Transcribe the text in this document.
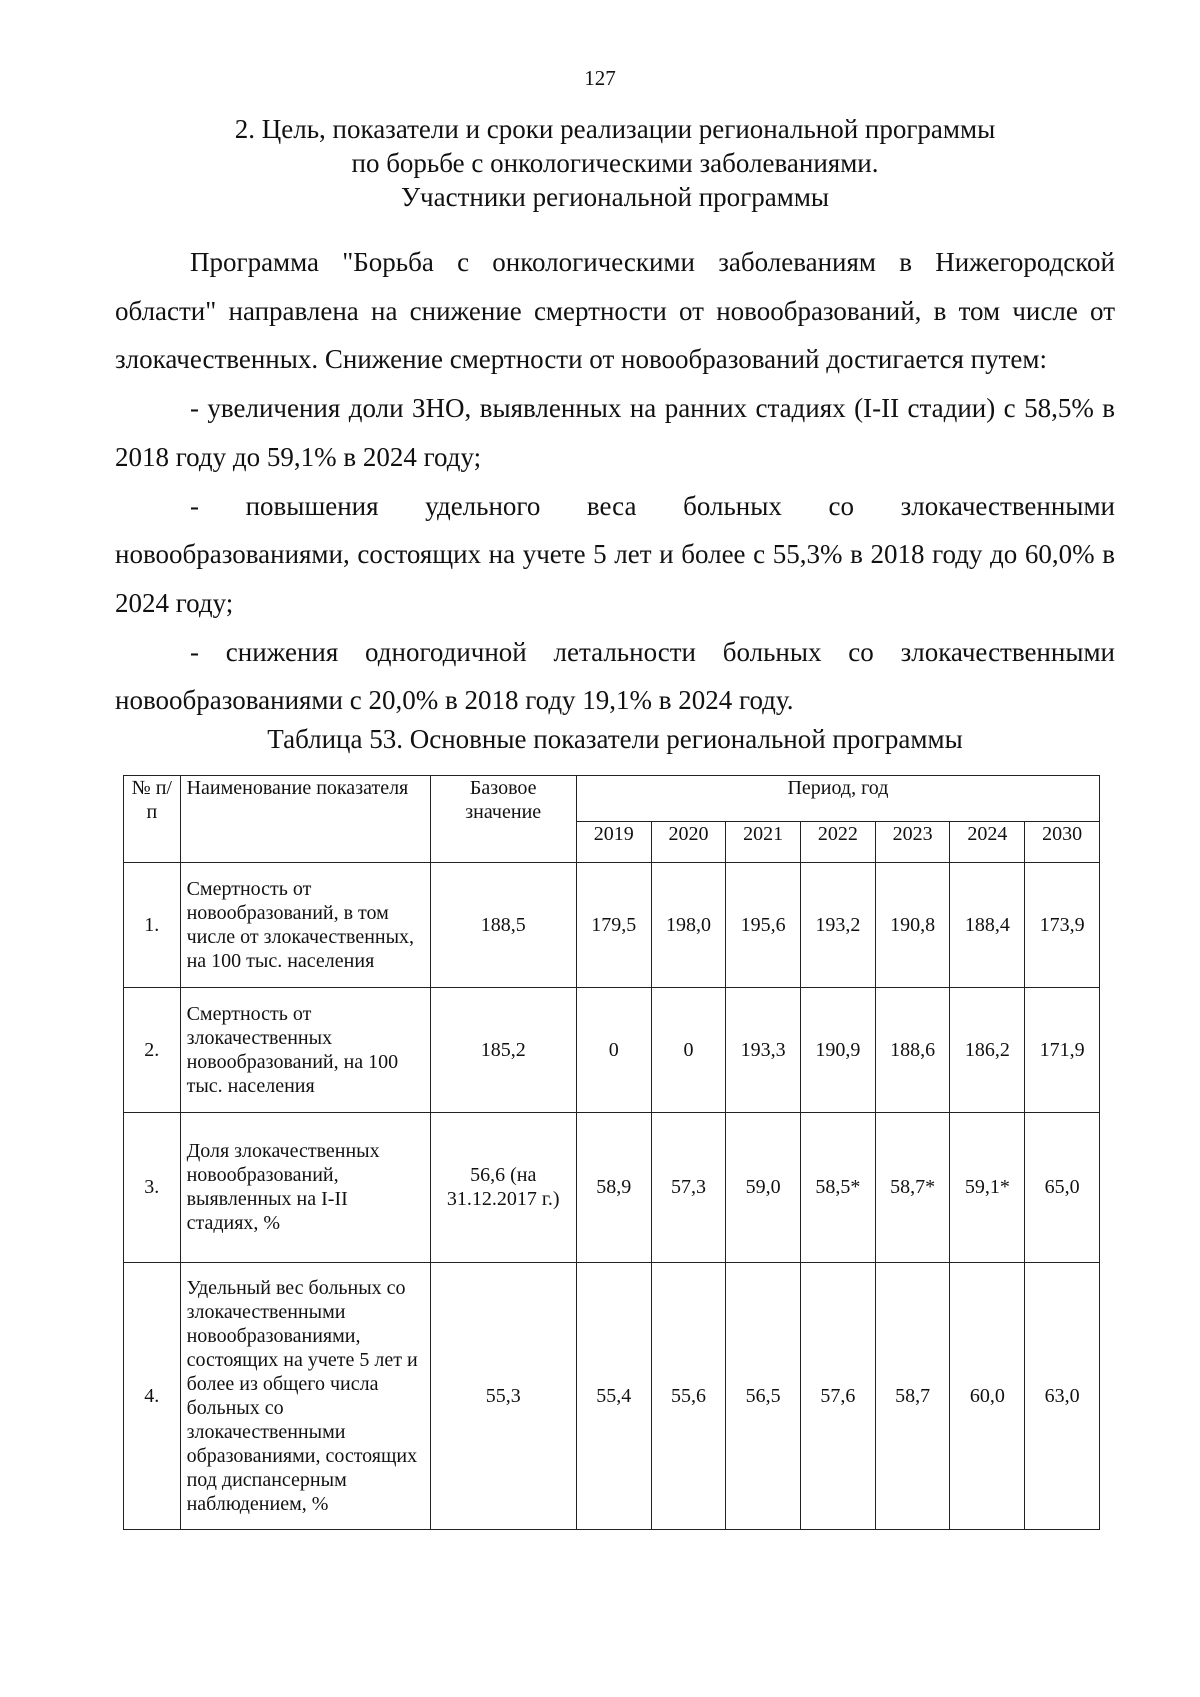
127
2. Цель, показатели и сроки реализации региональной программы
по борьбе с онкологическими заболеваниями.
Участники региональной программы

Программа "Борьба с онкологическими заболеваниям в Нижегородской области" направлена на снижение смертности от новообразований, в том числе от злокачественных. Снижение смертности от новообразований достигается путем:

- увеличения доли ЗНО, выявленных на ранних стадиях (I-II стадии) с 58,5% в 2018 году до 59,1% в 2024 году;

- повышения удельного веса больных со злокачественными новообразованиями, состоящих на учете 5 лет и более с 55,3% в 2018 году до 60,0% в 2024 году;

- снижения одногодичной летальности больных со злокачественными новообразованиями с 20,0% в 2018 году 19,1% в 2024 году.

Таблица 53. Основные показатели региональной программы
№ п/п	Наименование показателя	Базовое значение	Период, год						
			2019	2020	2021	2022	2023	2024	2030
1.	Смертность от новообразований, в том числе от злокачественных, на 100 тыс. населения	188,5	179,5	198,0	195,6	193,2	190,8	188,4	173,9
2.	Смертность от злокачественных новообразований, на 100 тыс. населения	185,2	0	0	193,3	190,9	188,6	186,2	171,9
3.	Доля злокачественных новообразований, выявленных на I-II стадиях, %	56,6 (на 31.12.2017 г.)	58,9	57,3	59,0	58,5*	58,7*	59,1*	65,0
4.	Удельный вес больных со злокачественными новообразованиями, состоящих на учете 5 лет и более из общего числа больных со злокачественными образованиями, состоящих под диспансерным наблюдением, %	55,3	55,4	55,6	56,5	57,6	58,7	60,0	63,0
